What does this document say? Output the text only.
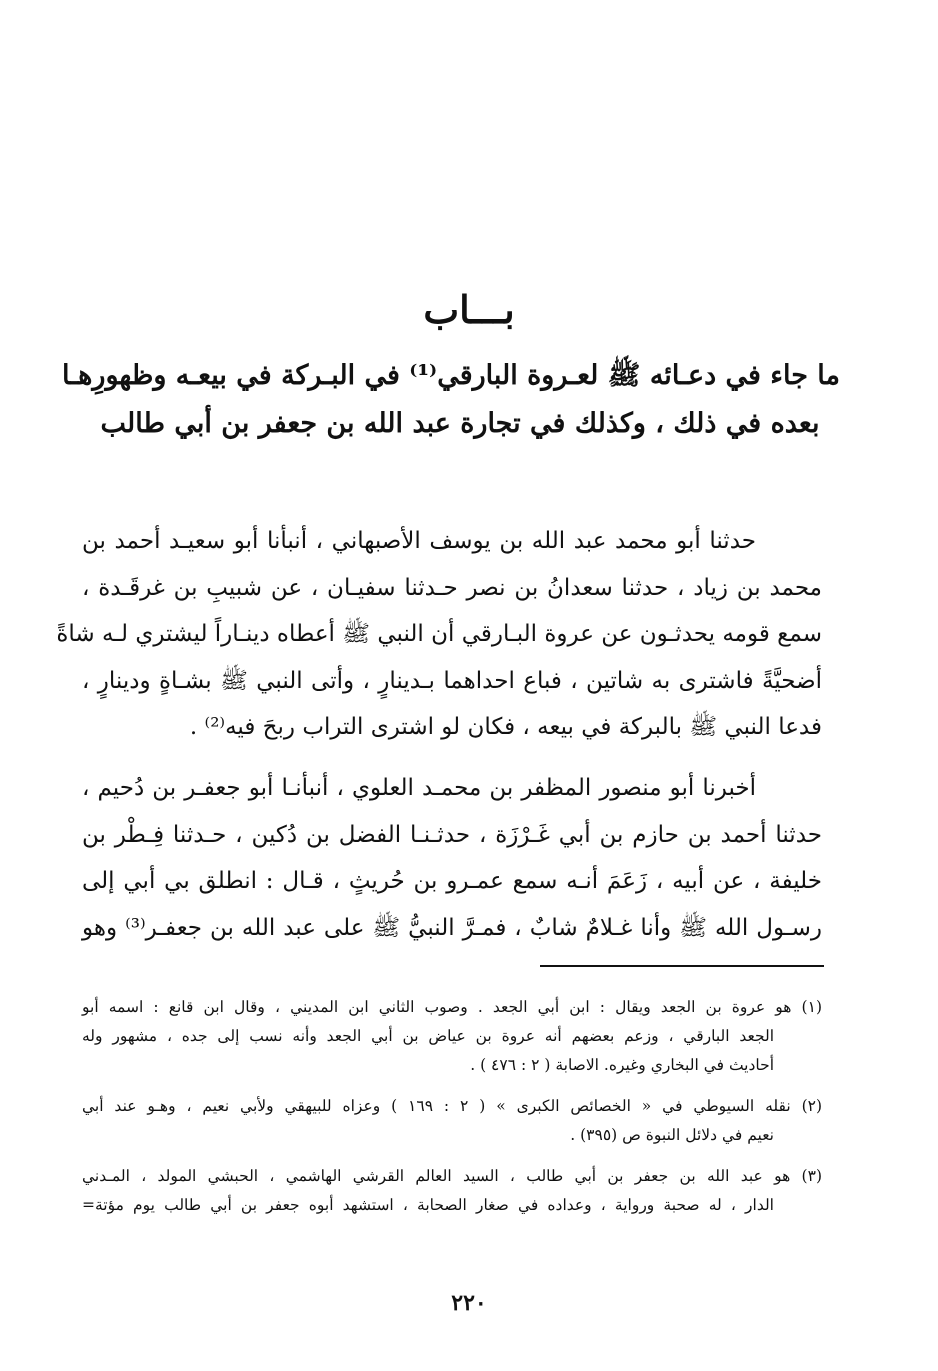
بـــاب
ما جاء في دعـائه ﷺ لعـروة البارقي⁽¹⁾ في البـركة في بيعـه وظهورِهـا
بعده في ذلك ، وكذلك في تجارة عبد الله بن جعفر بن أبي طالب
حدثنا أبو محمد عبد الله بن يوسف الأصبهاني ، أنبأنا أبو سعيـد أحمد بن
محمد بن زياد ، حدثنا سعدانُ بن نصر حـدثنا سفيـان ، عن شبيبِ بن غرقَـدة ،
سمع قومه يحدثـون عن عروة البـارقي أن النبي ﷺ أعطاه دينـاراً ليشتري لـه شاةً
أضحيَّةً فاشترى به شاتين ، فباع احداهما بـدينارٍ ، وأتى النبي ﷺ بشـاةٍ ودينارٍ ،
فدعا النبي ﷺ بالبركة في بيعه ، فكان لو اشترى التراب ربحَ فيه⁽²⁾ .
أخبرنا أبو منصور المظفر بن محمـد العلوي ، أنبأنـا أبو جعفـر بن دُحيم ،
حدثنا أحمد بن حازم بن أبي غَـرْزَة ، حدثـنـا الفضل بن دُكين ، حـدثنا فِـطْر بن
خليفة ، عن أبيه ، زَعَمَ أنـه سمع عمـرو بن حُريثٍ ، قـال : انطلق بي أبي إلى
رسـول الله ﷺ وأنا غـلامٌ شابٌ ، فمـرَّ النبيُّ ﷺ على عبد الله بن جعفـر⁽³⁾ وهو
(١) هو عروة بن الجعد ويقال : ابن أبي الجعد . وصوب الثاني ابن المديني ، وقال ابن قانع : اسمه أبو
الجعد البارقي ، وزعم بعضهم أنه عروة بن عياض بن أبي الجعد وأنه نسب إلى جده ، مشهور وله
أحاديث في البخاري وغيره. الاصابة ( ٢ : ٤٧٦ ) .
(٢) نقله السيوطي في « الخصائص الكبرى » ( ٢ : ١٦٩ ) وعزاه للبيهقي ولأبي نعيم ، وهـو عند أبي
نعيم في دلائل النبوة ص (٣٩٥) .
(٣) هو عبد الله بن جعفر بن أبي طالب ، السيد العالم القرشي الهاشمي ، الحبشي المولد ، المـدني
الدار ، له صحبة ورواية ، وعداده في صغار الصحابة ، استشهد أبوه جعفر بن أبي طالب يوم مؤتة=
٢٢٠
